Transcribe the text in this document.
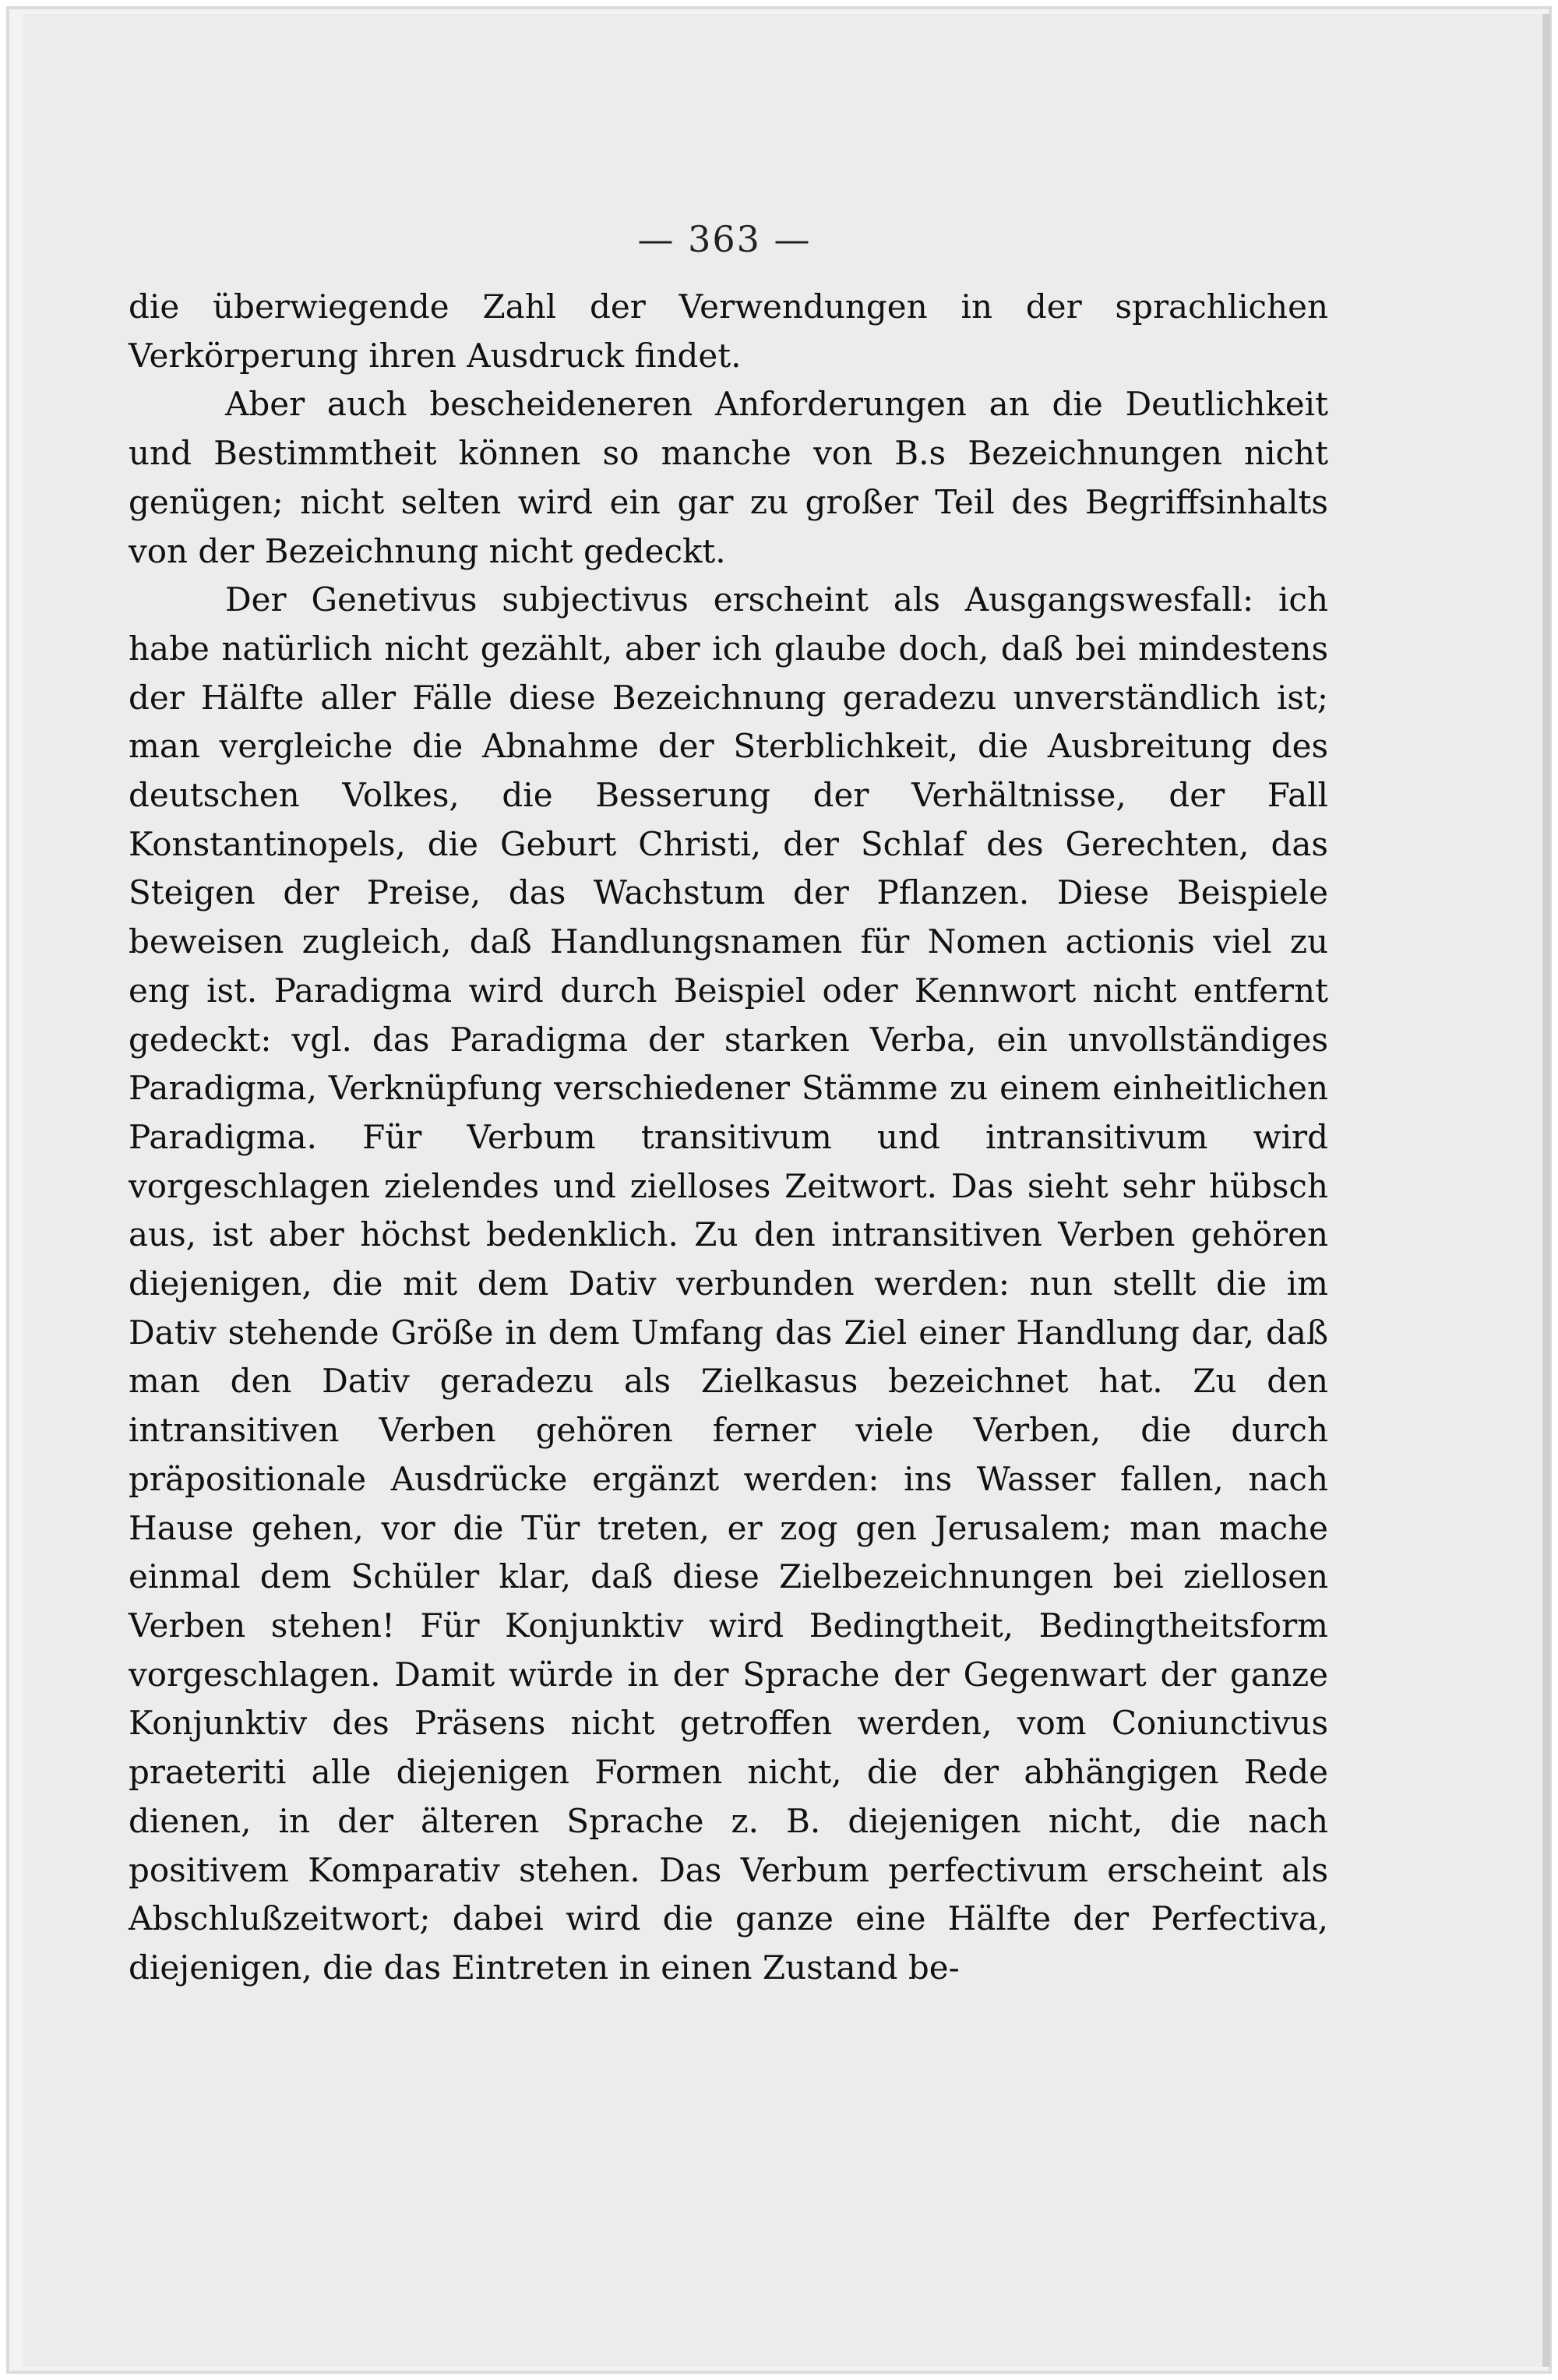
— 363 —

die überwiegende Zahl der Verwendungen in der sprachlichen Verkörperung ihren Ausdruck findet.

Aber auch bescheideneren Anforderungen an die Deutlichkeit und Bestimmtheit können so manche von B.s Bezeichnungen nicht genügen; nicht selten wird ein gar zu großer Teil des Begriffsinhalts von der Bezeichnung nicht gedeckt.

Der Genetivus subjectivus erscheint als Ausgangswesfall: ich habe natürlich nicht gezählt, aber ich glaube doch, daß bei mindestens der Hälfte aller Fälle diese Bezeichnung geradezu unverständlich ist; man vergleiche die Abnahme der Sterblichkeit, die Ausbreitung des deutschen Volkes, die Besserung der Verhältnisse, der Fall Konstantinopels, die Geburt Christi, der Schlaf des Gerechten, das Steigen der Preise, das Wachstum der Pflanzen. Diese Beispiele beweisen zugleich, daß Handlungsnamen für Nomen actionis viel zu eng ist. Paradigma wird durch Beispiel oder Kennwort nicht entfernt gedeckt: vgl. das Paradigma der starken Verba, ein unvollständiges Paradigma, Verknüpfung verschiedener Stämme zu einem einheitlichen Paradigma. Für Verbum transitivum und intransitivum wird vorgeschlagen zielendes und zielloses Zeitwort. Das sieht sehr hübsch aus, ist aber höchst bedenklich. Zu den intransitiven Verben gehören diejenigen, die mit dem Dativ verbunden werden: nun stellt die im Dativ stehende Größe in dem Umfang das Ziel einer Handlung dar, daß man den Dativ geradezu als Zielkasus bezeichnet hat. Zu den intransitiven Verben gehören ferner viele Verben, die durch präpositionale Ausdrücke ergänzt werden: ins Wasser fallen, nach Hause gehen, vor die Tür treten, er zog gen Jerusalem; man mache einmal dem Schüler klar, daß diese Zielbezeichnungen bei ziellosen Verben stehen! Für Konjunktiv wird Bedingtheit, Bedingtheitsform vorgeschlagen. Damit würde in der Sprache der Gegenwart der ganze Konjunktiv des Präsens nicht getroffen werden, vom Coniunctivus praeteriti alle diejenigen Formen nicht, die der abhängigen Rede dienen, in der älteren Sprache z. B. diejenigen nicht, die nach positivem Komparativ stehen. Das Verbum perfectivum erscheint als Abschlußzeitwort; dabei wird die ganze eine Hälfte der Perfectiva, diejenigen, die das Eintreten in einen Zustand be-
